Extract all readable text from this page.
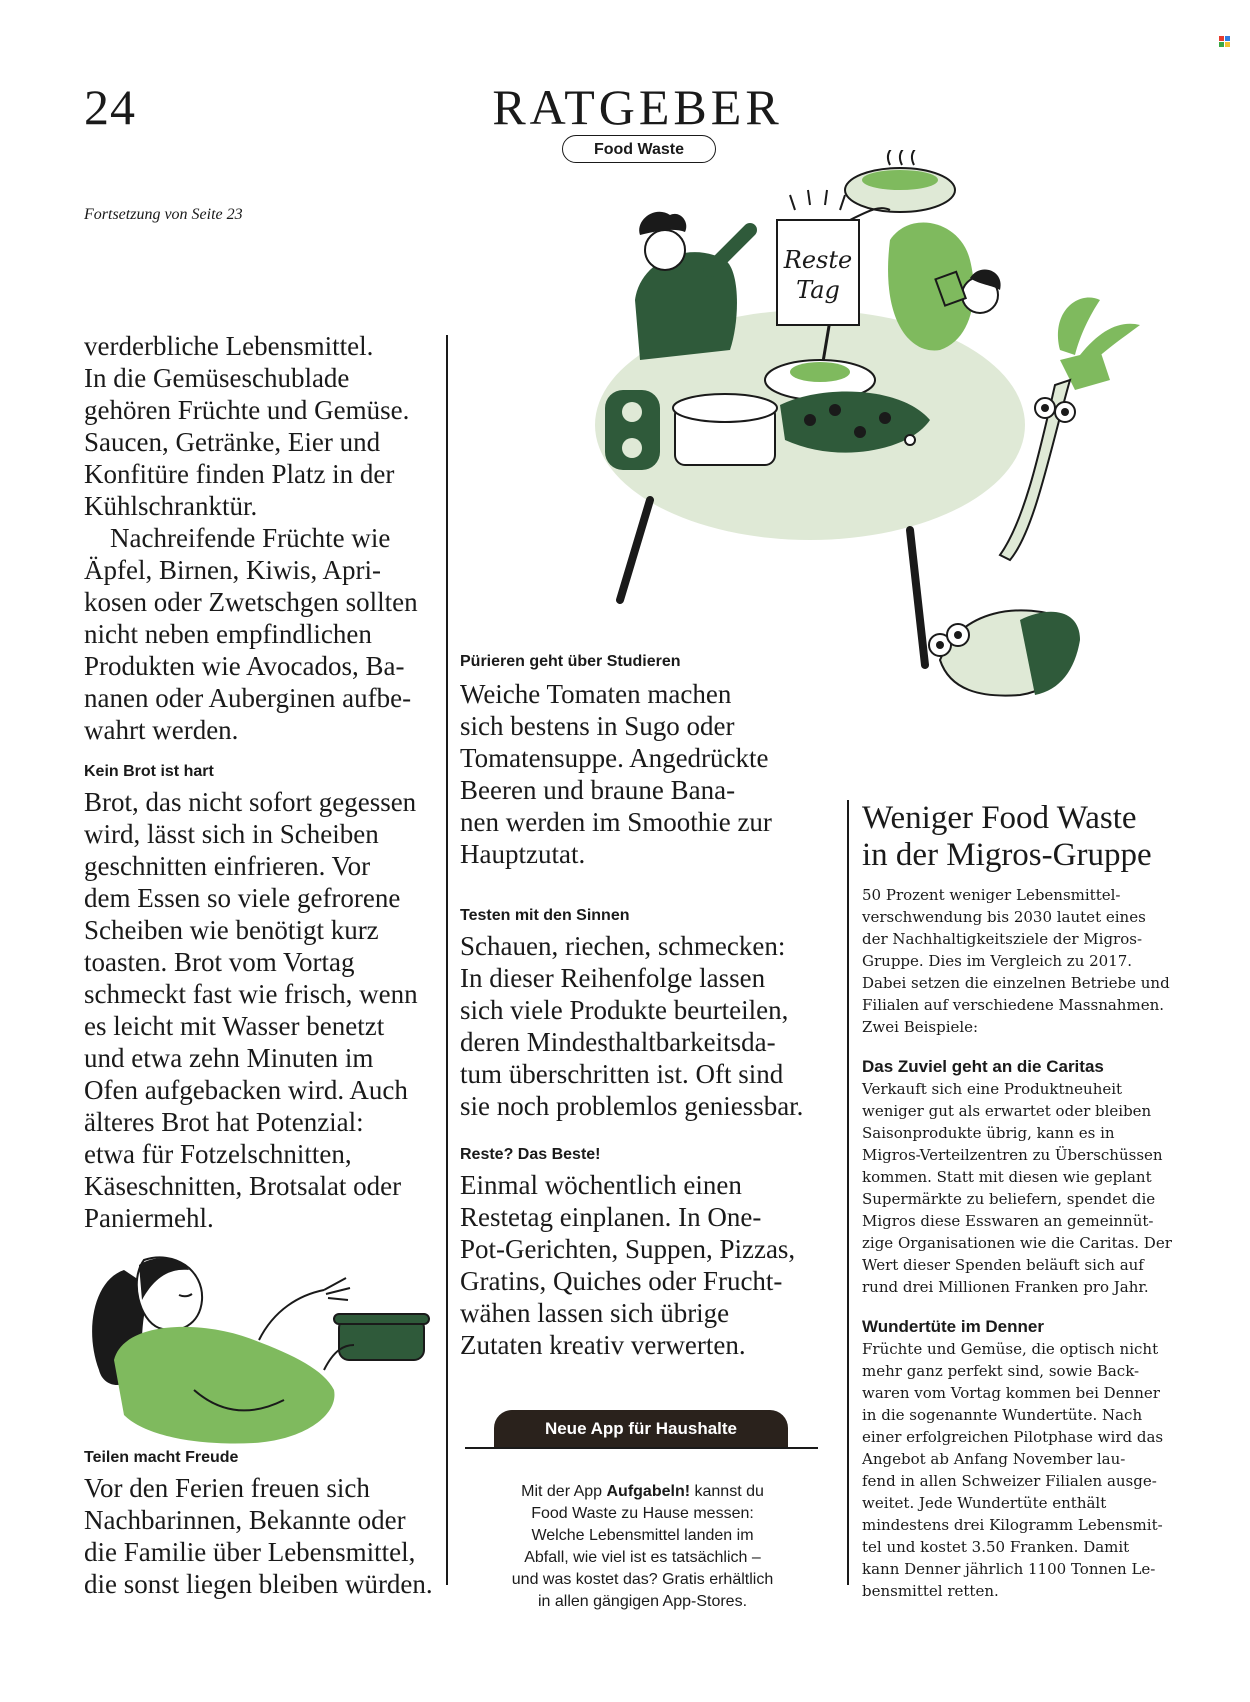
24	RATGEBER
Food Waste
Fortsetzung von Seite 23

verderbliche Lebensmittel.
In die Gemüseschublade
gehören Früchte und Gemüse.
Saucen, Getränke, Eier und
Konfitüre finden Platz in der
Kühlschranktür.

Nachreifende Früchte wie
Äpfel, Birnen, Kiwis, Apri-
kosen oder Zwetschgen sollten
nicht neben empfindlichen
Produkten wie Avocados, Ba-
nanen oder Auberginen aufbe-
wahrt werden.

Kein Brot ist hart

Brot, das nicht sofort gegessen
wird, lässt sich in Scheiben
geschnitten einfrieren. Vor
dem Essen so viele gefrorene
Scheiben wie benötigt kurz
toasten. Brot vom Vortag
schmeckt fast wie frisch, wenn
es leicht mit Wasser benetzt
und etwa zehn Minuten im
Ofen aufgebacken wird. Auch
älteres Brot hat Potenzial:
etwa für Fotzelschnitten,
Käseschnitten, Brotsalat oder
Paniermehl.

Teilen macht Freude

Vor den Ferien freuen sich
Nachbarinnen, Bekannte oder
die Familie über Lebensmittel,
die sonst liegen bleiben würden.

Reste
Tag

Pürieren geht über Studieren

Weiche Tomaten machen
sich bestens in Sugo oder
Tomatensuppe. Angedrückte
Beeren und braune Bana-
nen werden im Smoothie zur
Hauptzutat.

Testen mit den Sinnen

Schauen, riechen, schmecken:
In dieser Reihenfolge lassen
sich viele Produkte beurteilen,
deren Mindesthaltbarkeitsda-
tum überschritten ist. Oft sind
sie noch problemlos geniessbar.

Reste? Das Beste!

Einmal wöchentlich einen
Restetag einplanen. In One-
Pot-Gerichten, Suppen, Pizzas,
Gratins, Quiches oder Frucht-
wähen lassen sich übrige
Zutaten kreativ verwerten.

Neue App für Haushalte

Mit der App Aufgabeln! kannst du
Food Waste zu Hause messen:
Welche Lebensmittel landen im
Abfall, wie viel ist es tatsächlich –
und was kostet das? Gratis erhältlich
in allen gängigen App-Stores.

Weniger Food Waste
in der Migros-Gruppe

50 Prozent weniger Lebensmittel-
verschwendung bis 2030 lautet eines
der Nachhaltigkeitsziele der Migros-
Gruppe. Dies im Vergleich zu 2017.
Dabei setzen die einzelnen Betriebe und
Filialen auf verschiedene Massnahmen.
Zwei Beispiele:

Das Zuviel geht an die Caritas

Verkauft sich eine Produktneuheit
weniger gut als erwartet oder bleiben
Saisonprodukte übrig, kann es in
Migros-Verteilzentren zu Überschüssen
kommen. Statt mit diesen wie geplant
Supermärkte zu beliefern, spendet die
Migros diese Esswaren an gemeinnüt-
zige Organisationen wie die Caritas. Der
Wert dieser Spenden beläuft sich auf
rund drei Millionen Franken pro Jahr.

Wundertüte im Denner

Früchte und Gemüse, die optisch nicht
mehr ganz perfekt sind, sowie Back-
waren vom Vortag kommen bei Denner
in die sogenannte Wundertüte. Nach
einer erfolgreichen Pilotphase wird das
Angebot ab Anfang November lau-
fend in allen Schweizer Filialen ausge-
weitet. Jede Wundertüte enthält
mindestens drei Kilogramm Lebensmit-
tel und kostet 3.50 Franken. Damit
kann Denner jährlich 1100 Tonnen Le-
bensmittel retten.
